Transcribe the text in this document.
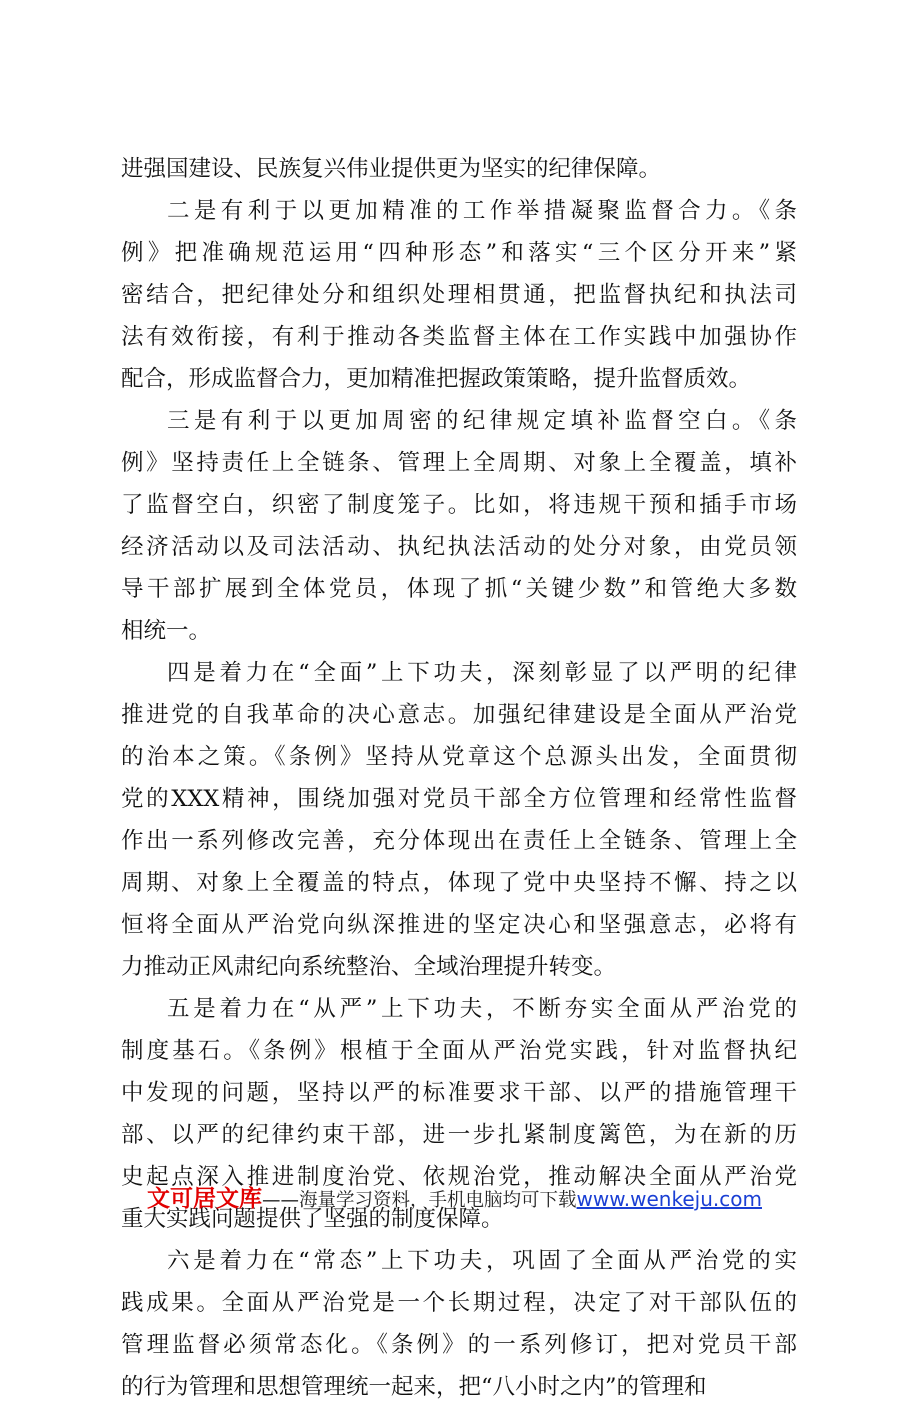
进强国建设、民族复兴伟业提供更为坚实的纪律保障。
二是有利于以更加精准的工作举措凝聚监督合力。《条
例》把准确规范运用“四种形态”和落实“三个区分开来”紧
密结合，把纪律处分和组织处理相贯通，把监督执纪和执法司
法有效衔接，有利于推动各类监督主体在工作实践中加强协作
配合，形成监督合力，更加精准把握政策策略，提升监督质效。
三是有利于以更加周密的纪律规定填补监督空白。《条
例》坚持责任上全链条、管理上全周期、对象上全覆盖，填补
了监督空白，织密了制度笼子。比如，将违规干预和插手市场
经济活动以及司法活动、执纪执法活动的处分对象，由党员领
导干部扩展到全体党员，体现了抓“关键少数”和管绝大多数
相统一。
四是着力在“全面”上下功夫，深刻彰显了以严明的纪律
推进党的自我革命的决心意志。加强纪律建设是全面从严治党
的治本之策。《条例》坚持从党章这个总源头出发，全面贯彻
党的XXX精神，围绕加强对党员干部全方位管理和经常性监督
作出一系列修改完善，充分体现出在责任上全链条、管理上全
周期、对象上全覆盖的特点，体现了党中央坚持不懈、持之以
恒将全面从严治党向纵深推进的坚定决心和坚强意志，必将有
力推动正风肃纪向系统整治、全域治理提升转变。
五是着力在“从严”上下功夫，不断夯实全面从严治党的
制度基石。《条例》根植于全面从严治党实践，针对监督执纪
中发现的问题，坚持以严的标准要求干部、以严的措施管理干
部、以严的纪律约束干部，进一步扎紧制度篱笆，为在新的历
史起点深入推进制度治党、依规治党，推动解决全面从严治党
重大实践问题提供了坚强的制度保障。
六是着力在“常态”上下功夫，巩固了全面从严治党的实
践成果。全面从严治党是一个长期过程，决定了对干部队伍的
管理监督必须常态化。《条例》的一系列修订，把对党员干部
的行为管理和思想管理统一起来，把“八小时之内”的管理和
文可居文库——海量学习资料，手机电脑均可下载www.wenkeju.com
